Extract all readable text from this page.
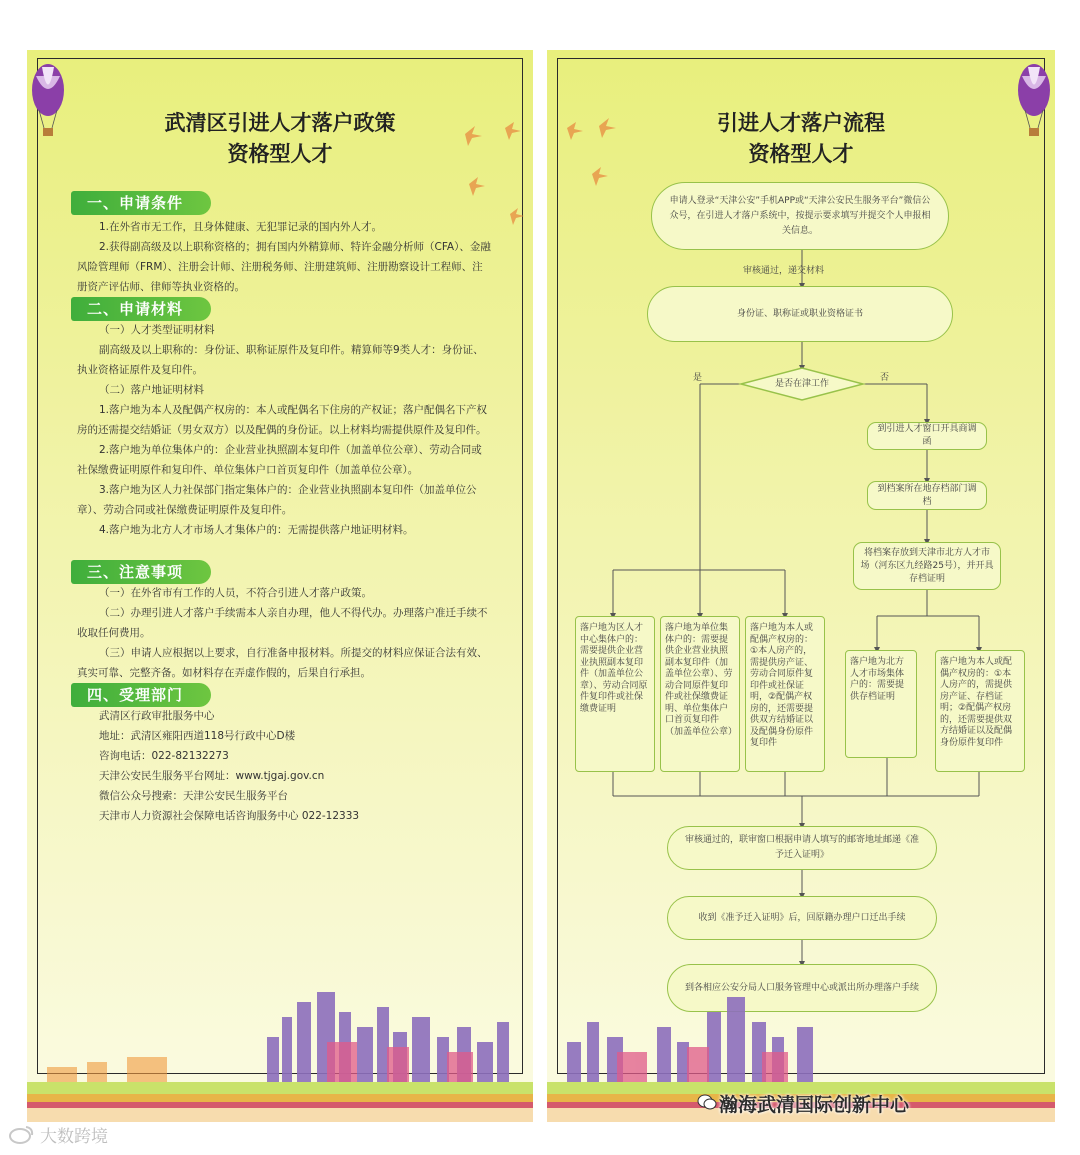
武清区引进人才落户政策
资格型人才
一、申请条件

1.在外省市无工作，且身体健康、无犯罪记录的国内外人才。

2.获得副高级及以上职称资格的；拥有国内外精算师、特许金融分析师（CFA）、金融风险管理师（FRM）、注册会计师、注册税务师、注册建筑师、注册勘察设计工程师、注册资产评估师、律师等执业资格的。

二、申请材料

（一）人才类型证明材料

副高级及以上职称的：身份证、职称证原件及复印件。精算师等9类人才：身份证、执业资格证原件及复印件。

（二）落户地证明材料

1.落户地为本人及配偶产权房的：本人或配偶名下住房的产权证；落户配偶名下产权房的还需提交结婚证（男女双方）以及配偶的身份证。以上材料均需提供原件及复印件。

2.落户地为单位集体户的：企业营业执照副本复印件（加盖单位公章）、劳动合同或社保缴费证明原件和复印件、单位集体户口首页复印件（加盖单位公章）。

3.落户地为区人力社保部门指定集体户的：企业营业执照副本复印件（加盖单位公章）、劳动合同或社保缴费证明原件及复印件。

4.落户地为北方人才市场人才集体户的：无需提供落户地证明材料。

三、注意事项

（一）在外省市有工作的人员，不符合引进人才落户政策。

（二）办理引进人才落户手续需本人亲自办理，他人不得代办。办理落户准迁手续不收取任何费用。

（三）申请人应根据以上要求，自行准备申报材料。所提交的材料应保证合法有效、真实可靠、完整齐备。如材料存在弄虚作假的，后果自行承担。

四、受理部门

武清区行政审批服务中心

地址：武清区雍阳西道118号行政中心D楼

咨询电话：022-82132273

天津公安民生服务平台网址：www.tjgaj.gov.cn

微信公众号搜索：天津公安民生服务平台

天津市人力资源社会保障电话咨询服务中心 022-12333

引进人才落户流程
资格型人才
申请人登录“天津公安”手机APP或“天津公安民生服务平台”微信公众号，在引进人才落户系统中，按提示要求填写并提交个人申报相关信息。
审核通过，递交材料
身份证、职称证或职业资格证书
是否在津工作
是	否
到引进人才窗口开具商调函
到档案所在地存档部门调档
将档案存放到天津市北方人才市场（河东区九经路25号），并开具存档证明
落户地为区人才中心集体户的：需要提供企业营业执照副本复印件（加盖单位公章）、劳动合同原件复印件或社保缴费证明
落户地为单位集体户的：需要提供企业营业执照副本复印件（加盖单位公章）、劳动合同原件复印件或社保缴费证明、单位集体户口首页复印件（加盖单位公章）
落户地为本人或配偶产权房的：①本人房产的，需提供房产证、劳动合同原件复印件或社保证明，②配偶产权房的，还需要提供双方结婚证以及配偶身份原件复印件
落户地为北方人才市场集体户的：需要提供存档证明
落户地为本人或配偶产权房的：①本人房产的，需提供房产证、存档证明；②配偶产权房的，还需要提供双方结婚证以及配偶身份原件复印件
审核通过的，联审窗口根据申请人填写的邮寄地址邮递《准予迁入证明》
收到《准予迁入证明》后，回原籍办理户口迁出手续
到各相应公安分局人口服务管理中心或派出所办理落户手续
瀚海武清国际创新中心
大数跨境
